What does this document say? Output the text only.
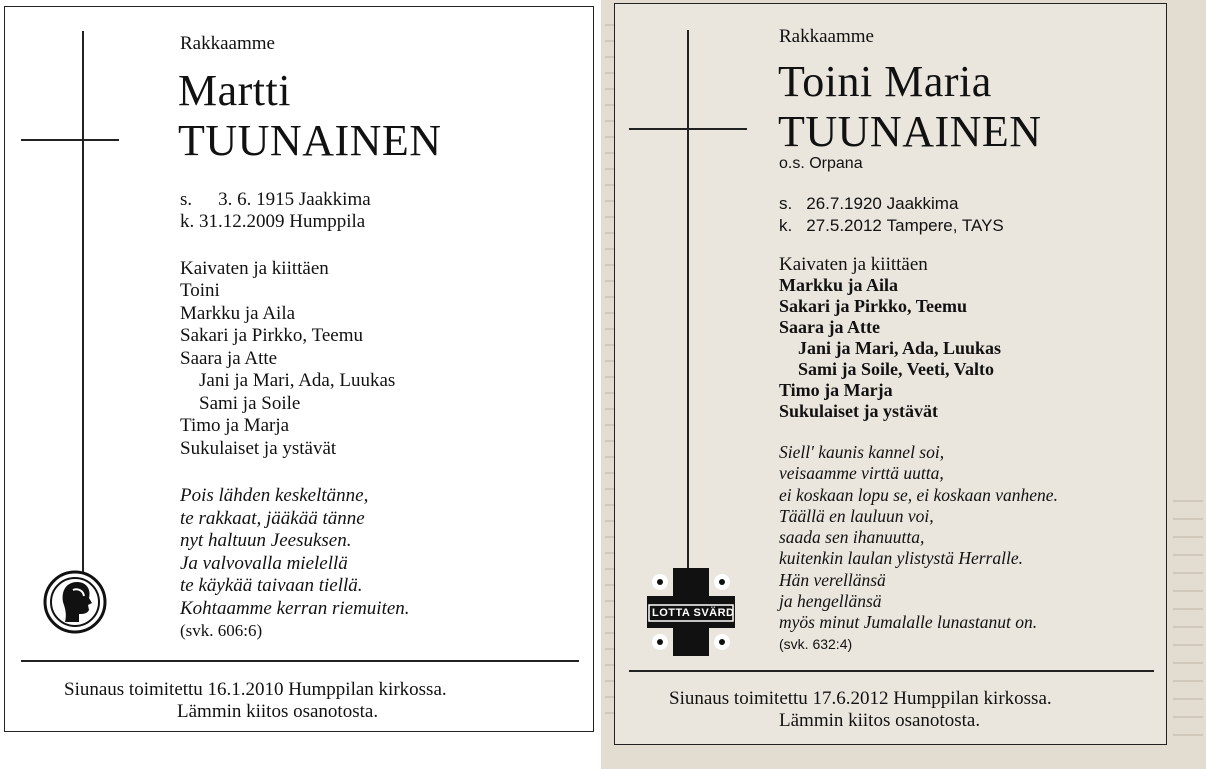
Rakkaamme
Martti
TUUNAINEN
s. 3. 6. 1915 Jaakkima
k. 31.12.2009 Humppila
Kaivaten ja kiittäen
Toini
Markku ja Aila
Sakari ja Pirkko, Teemu
Saara ja Atte
Jani ja Mari, Ada, Luukas
Sami ja Soile
Timo ja Marja
Sukulaiset ja ystävät
Pois lähden keskeltänne,
te rakkaat, jääkää tänne
nyt haltuun Jeesuksen.
Ja valvovalla mielellä
te käykää taivaan tiellä.
Kohtaamme kerran riemuiten.
(svk. 606:6)
Siunaus toimitettu 16.1.2010 Humppilan kirkossa.
Lämmin kiitos osanotosta.
Rakkaamme
Toini Maria
TUUNAINEN
o.s. Orpana
s. 26.7.1920 Jaakkima
k. 27.5.2012 Tampere, TAYS
Kaivaten ja kiittäen
Markku ja Aila
Sakari ja Pirkko, Teemu
Saara ja Atte
Jani ja Mari, Ada, Luukas
Sami ja Soile, Veeti, Valto
Timo ja Marja
Sukulaiset ja ystävät
Siell' kaunis kannel soi,
veisaamme virttä uutta,
ei koskaan lopu se, ei koskaan vanhene.
Täällä en lauluun voi,
saada sen ihanuutta,
kuitenkin laulan ylistystä Herralle.
Hän verellänsä
ja hengellänsä
myös minut Jumalalle lunastanut on.
(svk. 632:4)
LOTTA SVÄRD
Siunaus toimitettu 17.6.2012 Humppilan kirkossa.
Lämmin kiitos osanotosta.
